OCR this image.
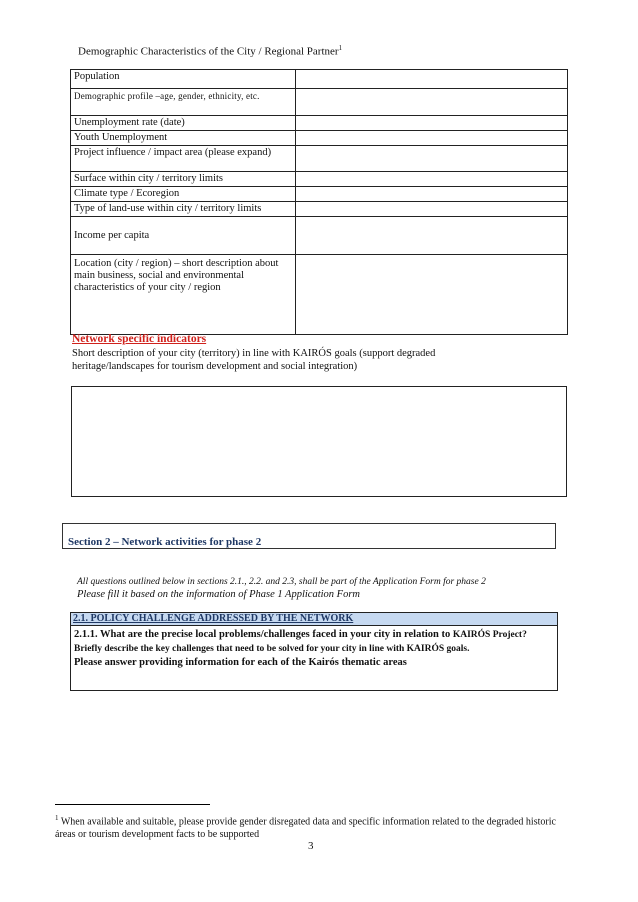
Demographic Characteristics of the City / Regional Partner$^1$
Population	
Demographic profile –age, gender, ethnicity, etc.	
Unemployment rate (date)	
Youth Unemployment	
Project influence / impact area (please expand)	
Surface within city / territory limits	
Climate type / Ecoregion	
Type of land-use within city / territory limits	
Income per capita	
Location (city / region) – short description about main business, social and environmental characteristics of your city / region	
Network specific indicators
Short description of your city (territory) in line with KAIRÓS goals (support degraded heritage/landscapes for tourism development and social integration)
Section 2 – Network activities for phase 2
All questions outlined below in sections 2.1., 2.2. and 2.3, shall be part of the Application Form for phase 2
Please fill it based on the information of Phase 1 Application Form
2.1. POLICY CHALLENGE ADDRESSED BY THE NETWORK
2.1.1. What are the precise local problems/challenges faced in your city in relation to KAIRÓS Project? Briefly describe the key challenges that need to be solved for your city in line with KAIRÓS goals.
Please answer providing information for each of the Kairós thematic areas
$^1$ When available and suitable, please provide gender disregated data and specific information related to the degraded historic áreas or tourism development facts to be supported
3
